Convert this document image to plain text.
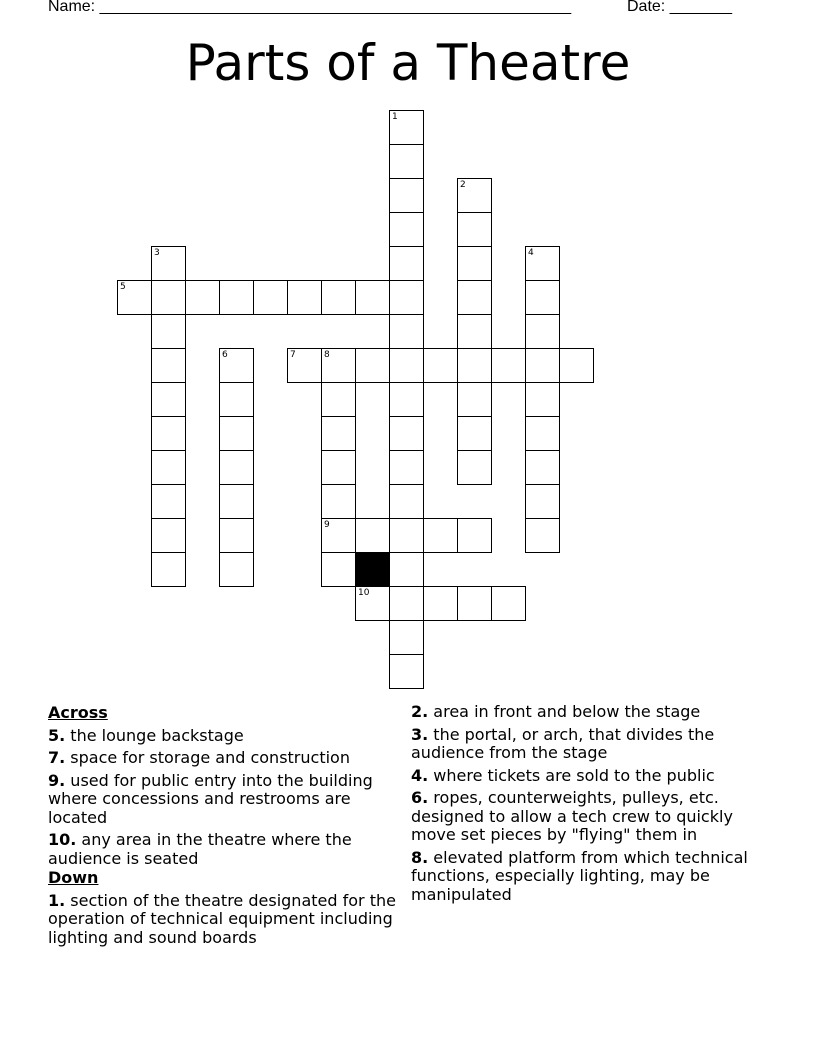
Name: _____________________________________________________	Date: _______
Parts of a Theatre
1
2
3	4
5
6	7	8
9
10
Across
5. the lounge backstage
7. space for storage and construction
9. used for public entry into the building where concessions and restrooms are located
10. any area in the theatre where the audience is seated
Down
1. section of the theatre designated for the operation of technical equipment including lighting and sound boards
2. area in front and below the stage
3. the portal, or arch, that divides the audience from the stage
4. where tickets are sold to the public
6. ropes, counterweights, pulleys, etc. designed to allow a tech crew to quickly move set pieces by "flying" them in
8. elevated platform from which technical functions, especially lighting, may be manipulated
